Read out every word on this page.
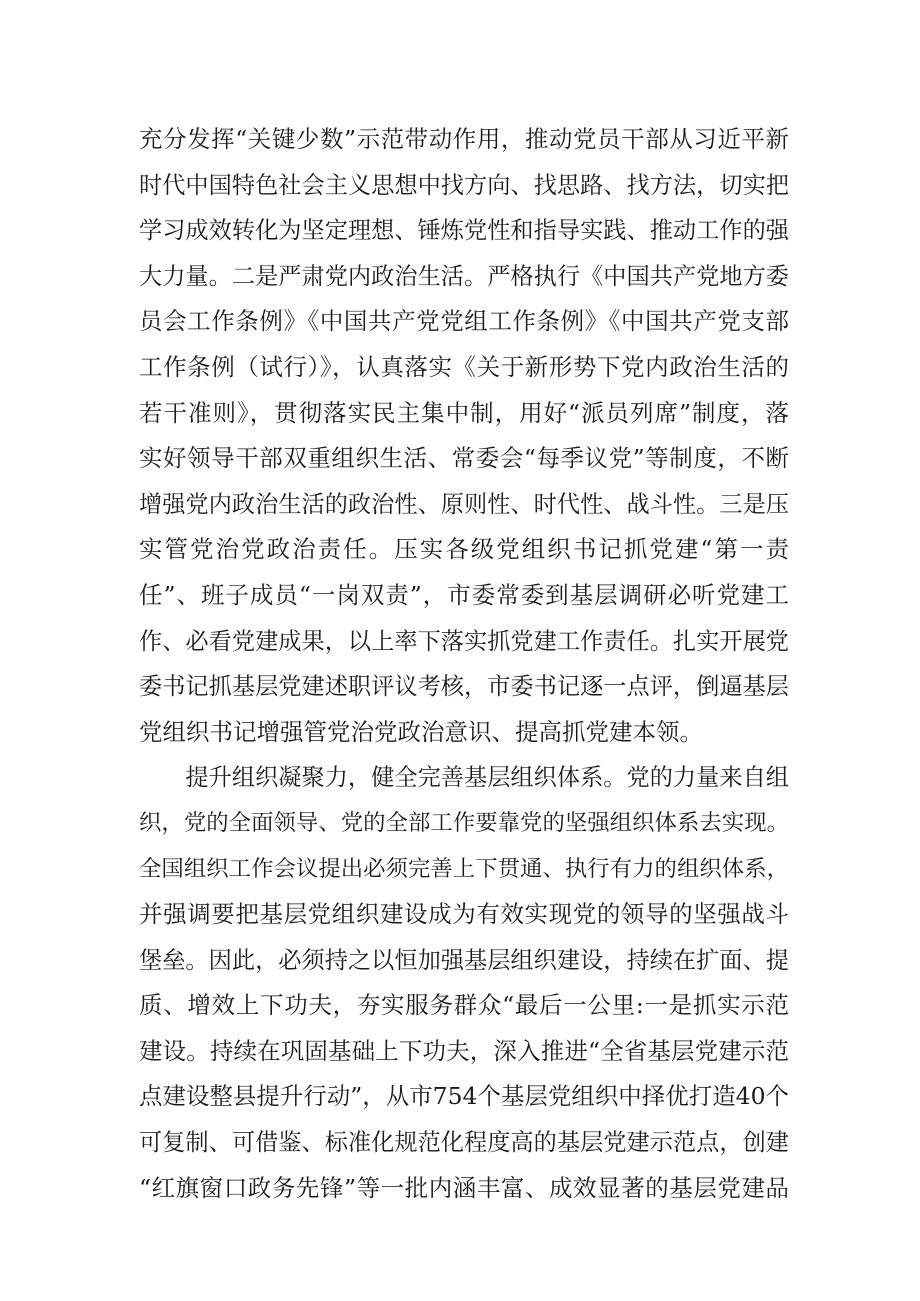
充分发挥“关键少数”示范带动作用，推动党员干部从习近平新
时代中国特色社会主义思想中找方向、找思路、找方法，切实把
学习成效转化为坚定理想、锤炼党性和指导实践、推动工作的强
大力量。二是严肃党内政治生活。严格执行《中国共产党地方委
员会工作条例》《中国共产党党组工作条例》《中国共产党支部
工作条例（试行）》，认真落实《关于新形势下党内政治生活的
若干准则》，贯彻落实民主集中制，用好“派员列席”制度，落
实好领导干部双重组织生活、常委会“每季议党”等制度，不断
增强党内政治生活的政治性、原则性、时代性、战斗性。三是压
实管党治党政治责任。压实各级党组织书记抓党建“第一责
任”、班子成员“一岗双责”，市委常委到基层调研必听党建工
作、必看党建成果，以上率下落实抓党建工作责任。扎实开展党
委书记抓基层党建述职评议考核，市委书记逐一点评，倒逼基层
党组织书记增强管党治党政治意识、提高抓党建本领。
　　提升组织凝聚力，健全完善基层组织体系。党的力量来自组
织，党的全面领导、党的全部工作要靠党的坚强组织体系去实现。
全国组织工作会议提出必须完善上下贯通、执行有力的组织体系，
并强调要把基层党组织建设成为有效实现党的领导的坚强战斗
堡垒。因此，必须持之以恒加强基层组织建设，持续在扩面、提
质、增效上下功夫，夯实服务群众“最后一公里:一是抓实示范
建设。持续在巩固基础上下功夫，深入推进“全省基层党建示范
点建设整县提升行动”，从市754个基层党组织中择优打造40个
可复制、可借鉴、标准化规范化程度高的基层党建示范点，创建
“红旗窗口政务先锋”等一批内涵丰富、成效显著的基层党建品
